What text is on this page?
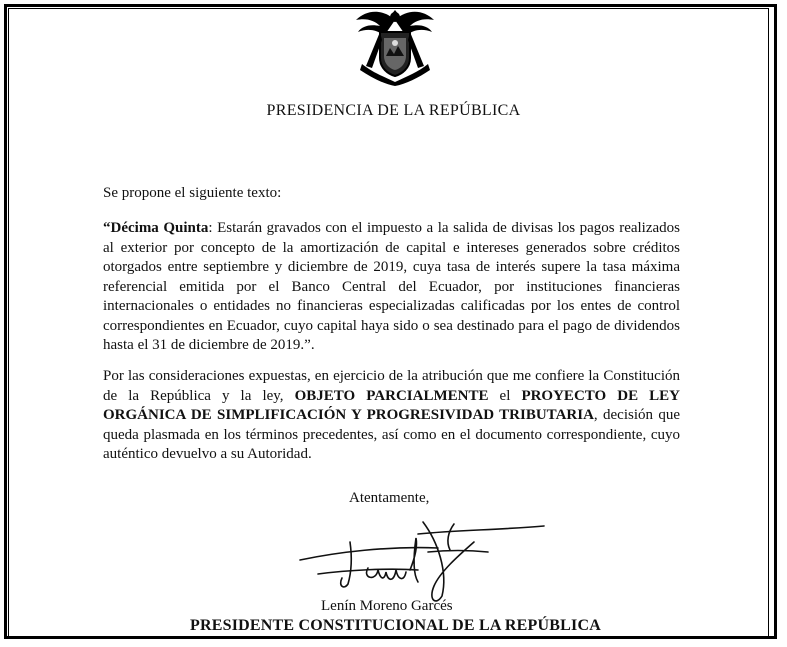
PRESIDENCIA DE LA REPÚBLICA
Se propone el siguiente texto:
“Décima Quinta: Estarán gravados con el impuesto a la salida de divisas los pagos realizados al exterior por concepto de la amortización de capital e intereses generados sobre créditos otorgados entre septiembre y diciembre de 2019, cuya tasa de interés supere la tasa máxima referencial emitida por el Banco Central del Ecuador, por instituciones financieras internacionales o entidades no financieras especializadas calificadas por los entes de control correspondientes en Ecuador, cuyo capital haya sido o sea destinado para el pago de dividendos hasta el 31 de diciembre de 2019.”.
Por las consideraciones expuestas, en ejercicio de la atribución que me confiere la Constitución de la República y la ley, OBJETO PARCIALMENTE el PROYECTO DE LEY ORGÁNICA DE SIMPLIFICACIÓN Y PROGRESIVIDAD TRIBUTARIA, decisión que queda plasmada en los términos precedentes, así como en el documento correspondiente, cuyo auténtico devuelvo a su Autoridad.
Atentamente,
Lenín Moreno Garcés
PRESIDENTE CONSTITUCIONAL DE LA REPÚBLICA
